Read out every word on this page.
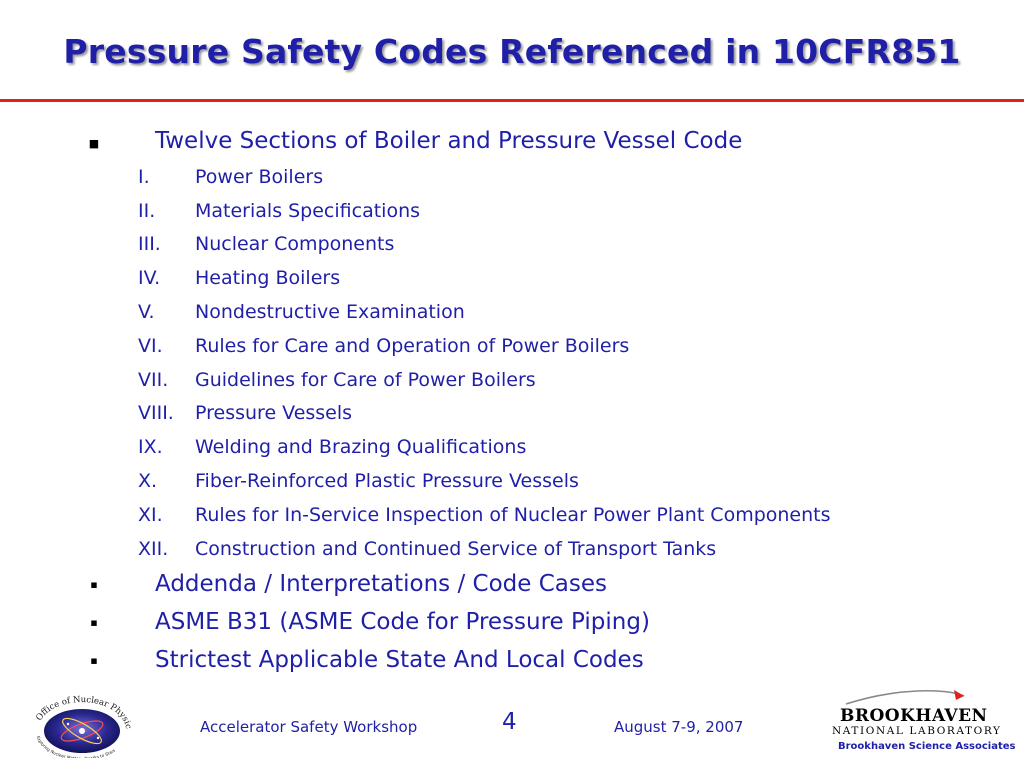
Pressure Safety Codes Referenced in 10CFR851
■ Twelve Sections of Boiler and Pressure Vessel Code
I. Power Boilers
II. Materials Specifications
III. Nuclear Components
IV. Heating Boilers
V. Nondestructive Examination
VI. Rules for Care and Operation of Power Boilers
VII. Guidelines for Care of Power Boilers
VIII. Pressure Vessels
IX. Welding and Brazing Qualifications
X. Fiber-Reinforced Plastic Pressure Vessels
XI. Rules for In-Service Inspection of Nuclear Power Plant Components
XII. Construction and Continued Service of Transport Tanks
▪ Addenda / Interpretations / Code Cases
▪ ASME B31 (ASME Code for Pressure Piping)
▪ Strictest Applicable State And Local Codes
Office of Nuclear Physic
Exploring Nuclear Ma arks to Stars
Accelerator Safety Workshop	4	August 7-9, 2007
BROOKHAVEN
NATIONAL LABORATORY
Brookhaven Science Associates
